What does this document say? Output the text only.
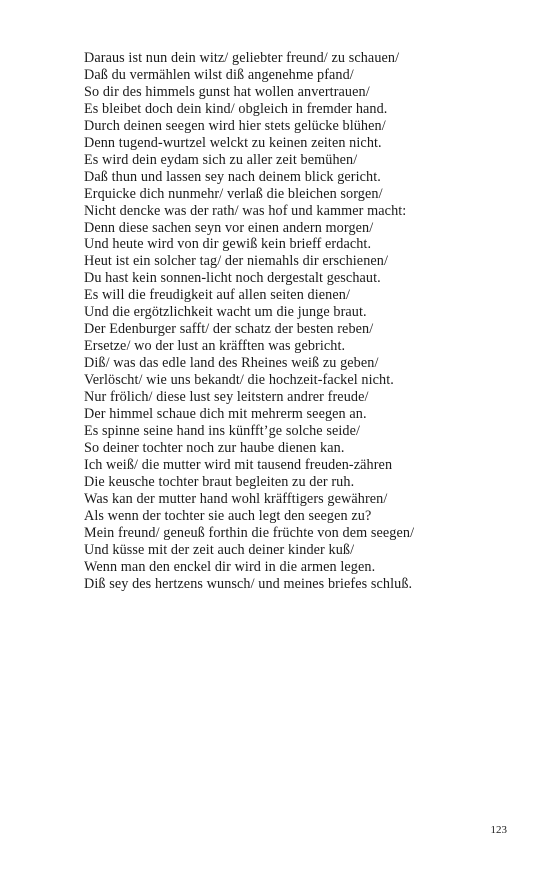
Daraus ist nun dein witz/ geliebter freund/ zu schauen/
Daß du vermählen wilst diß angenehme pfand/
So dir des himmels gunst hat wollen anvertrauen/
Es bleibet doch dein kind/ obgleich in fremder hand.
Durch deinen seegen wird hier stets gelücke blühen/
Denn tugend-wurtzel welckt zu keinen zeiten nicht.
Es wird dein eydam sich zu aller zeit bemühen/
Daß thun und lassen sey nach deinem blick gericht.
Erquicke dich nunmehr/ verlaß die bleichen sorgen/
Nicht dencke was der rath/ was hof und kammer macht:
Denn diese sachen seyn vor einen andern morgen/
Und heute wird von dir gewiß kein brieff erdacht.
Heut ist ein solcher tag/ der niemahls dir erschienen/
Du hast kein sonnen-licht noch dergestalt geschaut.
Es will die freudigkeit auf allen seiten dienen/
Und die ergötzlichkeit wacht um die junge braut.
Der Edenburger safft/ der schatz der besten reben/
Ersetze/ wo der lust an kräfften was gebricht.
Diß/ was das edle land des Rheines weiß zu geben/
Verlöscht/ wie uns bekandt/ die hochzeit-fackel nicht.
Nur frölich/ diese lust sey leitstern andrer freude/
Der himmel schaue dich mit mehrerm seegen an.
Es spinne seine hand ins künfft’ge solche seide/
So deiner tochter noch zur haube dienen kan.
Ich weiß/ die mutter wird mit tausend freuden-zähren
Die keusche tochter braut begleiten zu der ruh.
Was kan der mutter hand wohl kräfftigers gewähren/
Als wenn der tochter sie auch legt den seegen zu?
Mein freund/ geneuß forthin die früchte von dem seegen/
Und küsse mit der zeit auch deiner kinder kuß/
Wenn man den enckel dir wird in die armen legen.
Diß sey des hertzens wunsch/ und meines briefes schluß.
123
